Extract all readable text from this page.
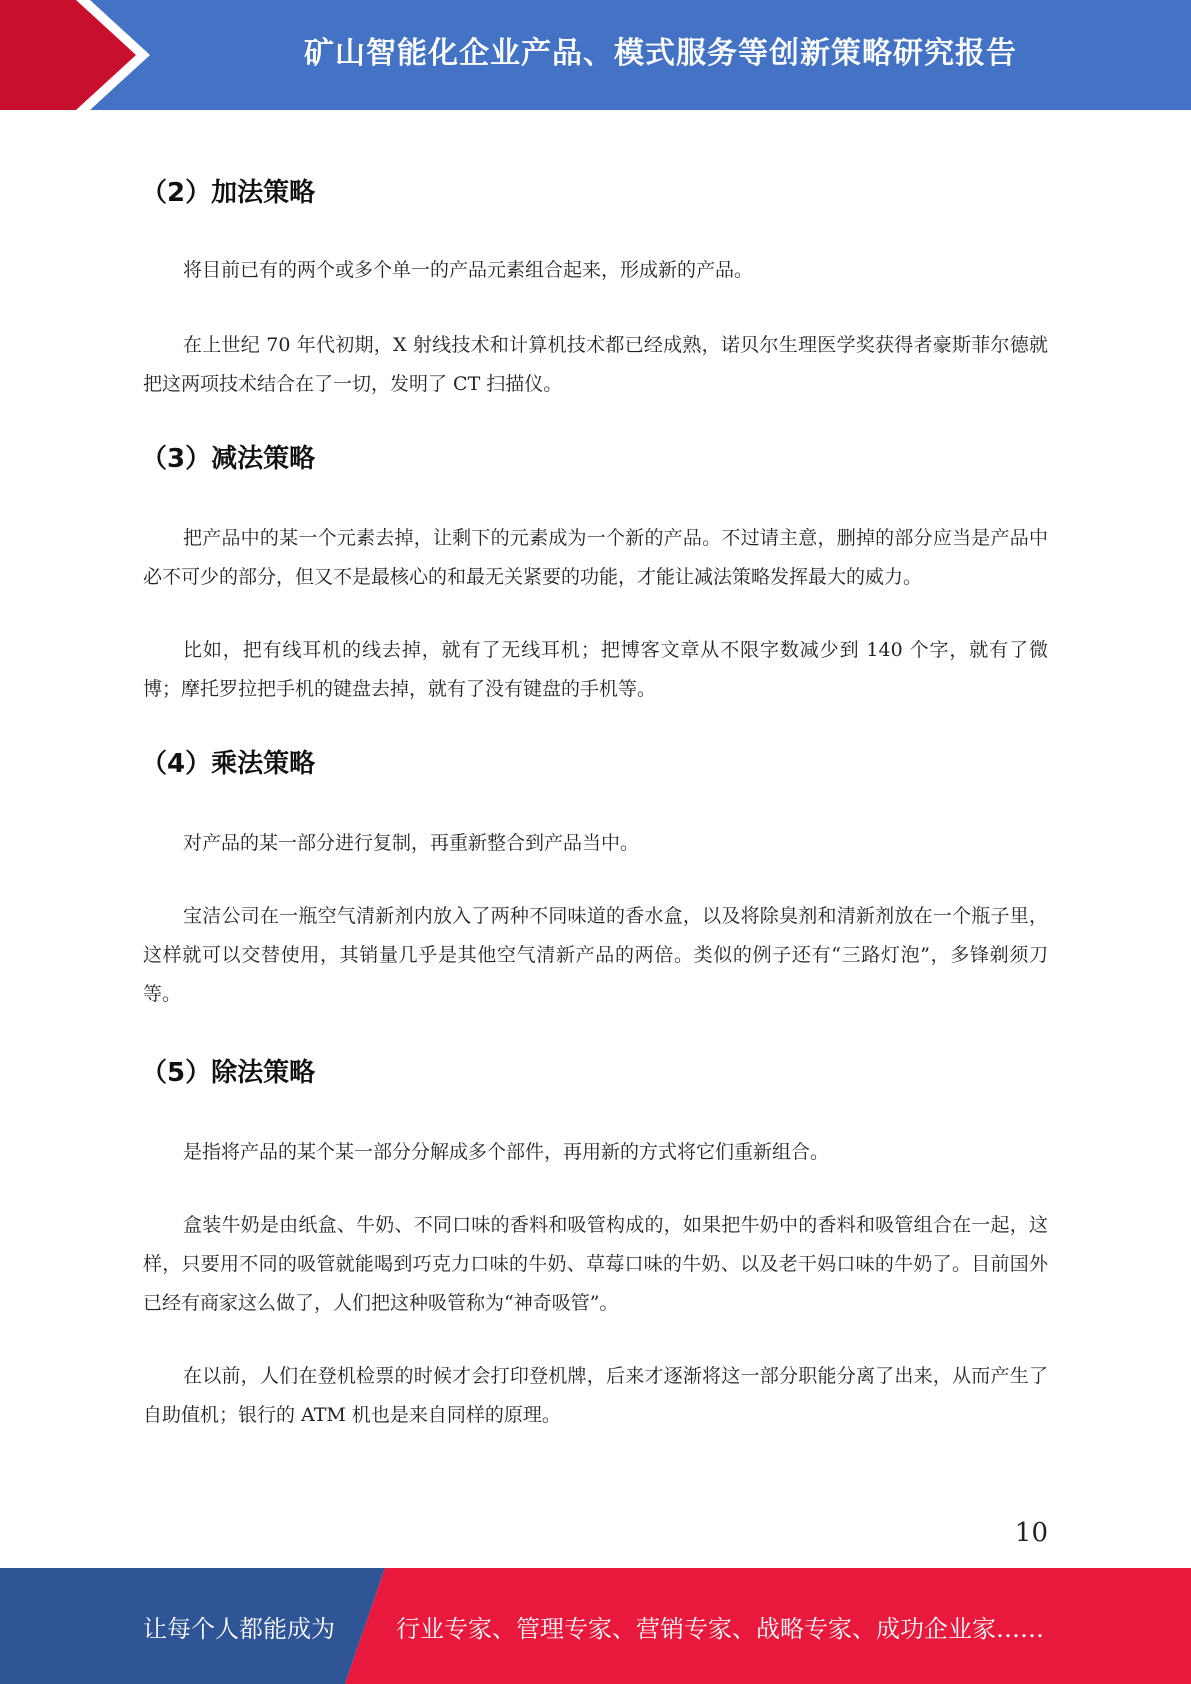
矿山智能化企业产品、模式服务等创新策略研究报告
（2）加法策略

将目前已有的两个或多个单一的产品元素组合起来，形成新的产品。

在上世纪 70 年代初期，X 射线技术和计算机技术都已经成熟，诺贝尔生理医学奖获得者豪斯菲尔德就把这两项技术结合在了一切，发明了 CT 扫描仪。

（3）减法策略

把产品中的某一个元素去掉，让剩下的元素成为一个新的产品。不过请主意，删掉的部分应当是产品中必不可少的部分，但又不是最核心的和最无关紧要的功能，才能让减法策略发挥最大的威力。

比如，把有线耳机的线去掉，就有了无线耳机；把博客文章从不限字数减少到 140 个字，就有了微博；摩托罗拉把手机的键盘去掉，就有了没有键盘的手机等。

（4）乘法策略

对产品的某一部分进行复制，再重新整合到产品当中。

宝洁公司在一瓶空气清新剂内放入了两种不同味道的香水盒，以及将除臭剂和清新剂放在一个瓶子里，这样就可以交替使用，其销量几乎是其他空气清新产品的两倍。类似的例子还有“三路灯泡”，多锋剃须刀等。

（5）除法策略

是指将产品的某个某一部分分解成多个部件，再用新的方式将它们重新组合。

盒装牛奶是由纸盒、牛奶、不同口味的香料和吸管构成的，如果把牛奶中的香料和吸管组合在一起，这样，只要用不同的吸管就能喝到巧克力口味的牛奶、草莓口味的牛奶、以及老干妈口味的牛奶了。目前国外已经有商家这么做了，人们把这种吸管称为“神奇吸管”。

在以前，人们在登机检票的时候才会打印登机牌，后来才逐渐将这一部分职能分离了出来，从而产生了自助值机；银行的 ATM 机也是来自同样的原理。

10
让每个人都能成为	行业专家、管理专家、营销专家、战略专家、成功企业家……
